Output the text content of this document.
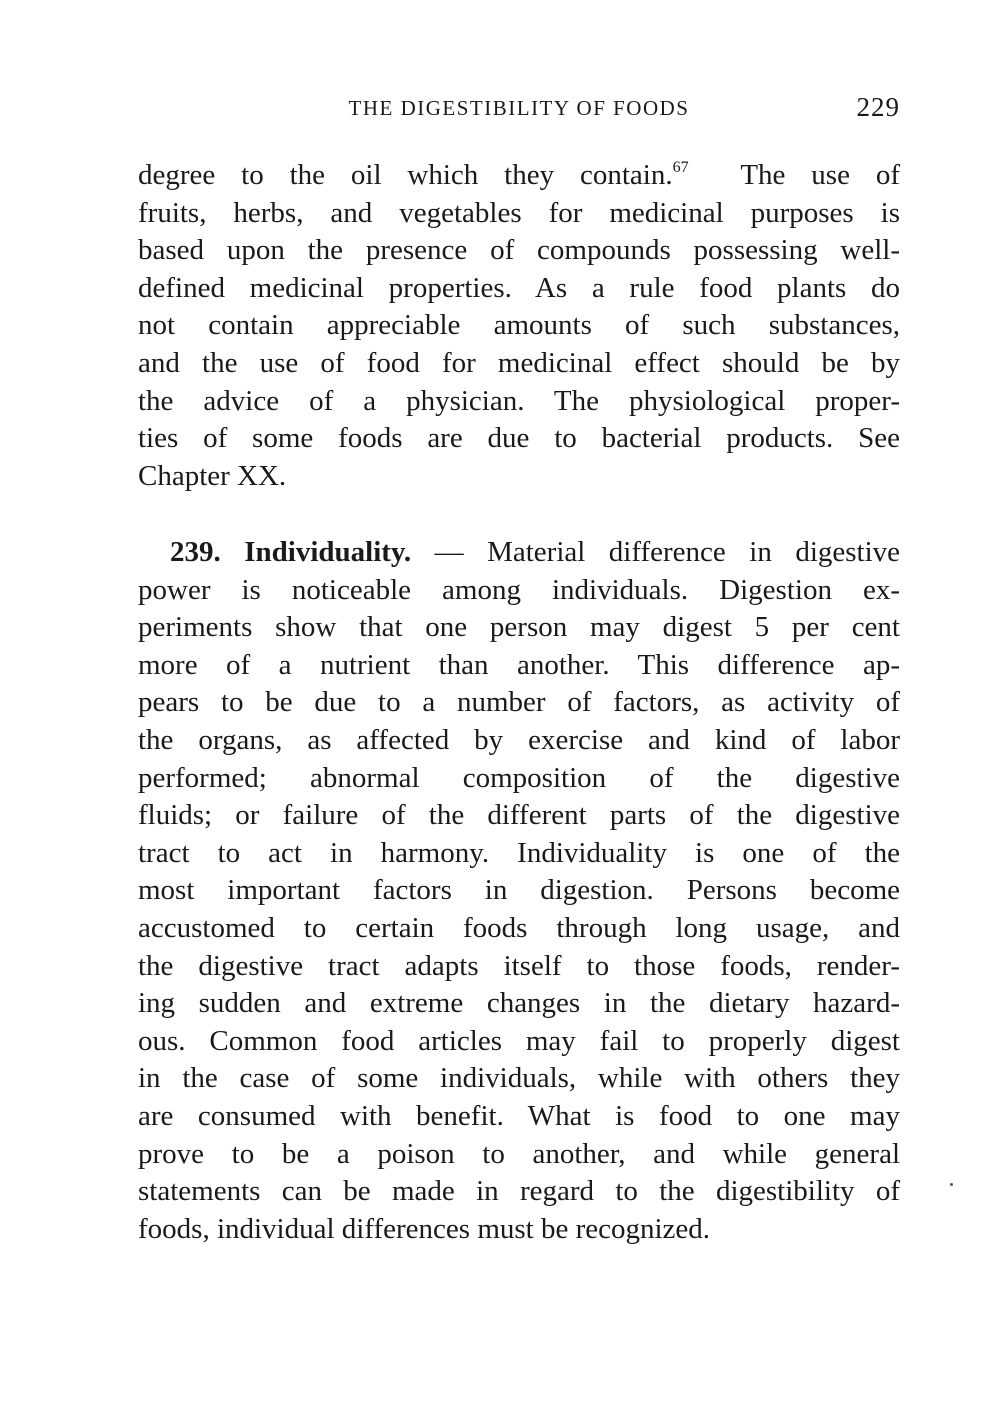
THE DIGESTIBILITY OF FOODS	229
degree to the oil which they contain.$^{67}$ The use of
fruits, herbs, and vegetables for medicinal purposes is
based upon the presence of compounds possessing well-
defined medicinal properties. As a rule food plants do
not contain appreciable amounts of such substances,
and the use of food for medicinal effect should be by
the advice of a physician. The physiological proper-
ties of some foods are due to bacterial products. See
Chapter XX.
239. Individuality. — Material difference in digestive
power is noticeable among individuals. Digestion ex-
periments show that one person may digest 5 per cent
more of a nutrient than another. This difference ap-
pears to be due to a number of factors, as activity of
the organs, as affected by exercise and kind of labor
performed; abnormal composition of the digestive
fluids; or failure of the different parts of the digestive
tract to act in harmony. Individuality is one of the
most important factors in digestion. Persons become
accustomed to certain foods through long usage, and
the digestive tract adapts itself to those foods, render-
ing sudden and extreme changes in the dietary hazard-
ous. Common food articles may fail to properly digest
in the case of some individuals, while with others they
are consumed with benefit. What is food to one may
prove to be a poison to another, and while general
statements can be made in regard to the digestibility of
foods, individual differences must be recognized.
